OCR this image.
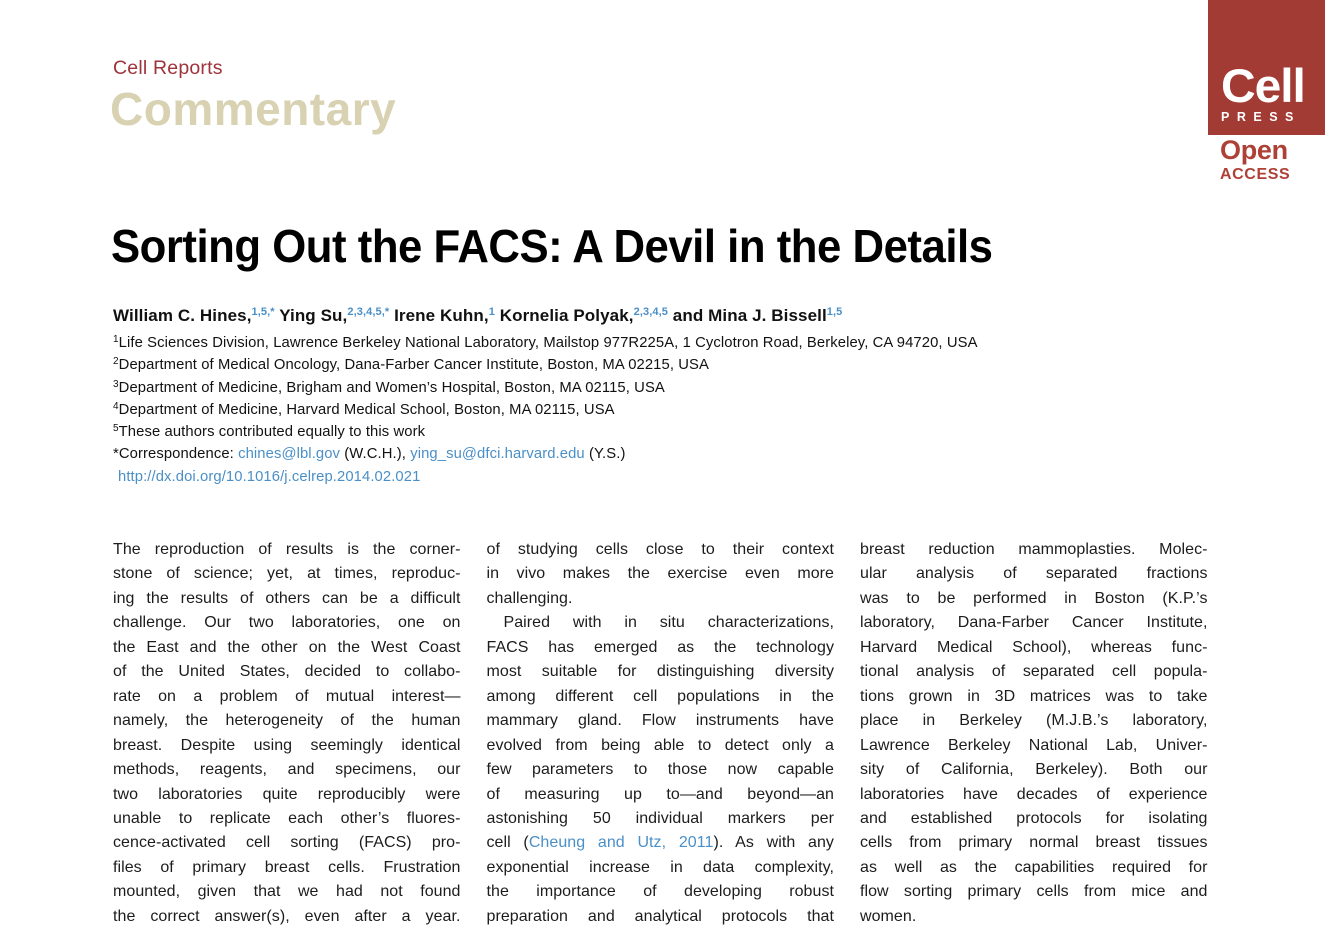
Cell Reports
Commentary	Cell
PRESS
Open
ACCESS
Sorting Out the FACS: A Devil in the Details
William C. Hines,$^{1,5,*}$ Ying Su,$^{2,3,4,5,*}$ Irene Kuhn,$^1$ Kornelia Polyak,$^{2,3,4,5}$ and Mina J. Bissell$^{1,5}$
$^1$Life Sciences Division, Lawrence Berkeley National Laboratory, Mailstop 977R225A, 1 Cyclotron Road, Berkeley, CA 94720, USA
$^2$Department of Medical Oncology, Dana-Farber Cancer Institute, Boston, MA 02215, USA
$^3$Department of Medicine, Brigham and Women’s Hospital, Boston, MA 02115, USA
$^4$Department of Medicine, Harvard Medical School, Boston, MA 02115, USA
$^5$These authors contributed equally to this work
*Correspondence: chines@lbl.gov (W.C.H.), ying_su@dfci.harvard.edu (Y.S.)
http://dx.doi.org/10.1016/j.celrep.2014.02.021
The reproduction of results is the corner-
stone of science; yet, at times, reproduc-
ing the results of others can be a difficult
challenge. Our two laboratories, one on
the East and the other on the West Coast
of the United States, decided to collabo-
rate on a problem of mutual interest—
namely, the heterogeneity of the human
breast. Despite using seemingly identical
methods, reagents, and specimens, our
two laboratories quite reproducibly were
unable to replicate each other’s fluores-
cence-activated cell sorting (FACS) pro-
files of primary breast cells. Frustration
mounted, given that we had not found
the correct answer(s), even after a year.
of studying cells close to their context
in vivo makes the exercise even more
challenging.
Paired with in situ characterizations,
FACS has emerged as the technology
most suitable for distinguishing diversity
among different cell populations in the
mammary gland. Flow instruments have
evolved from being able to detect only a
few parameters to those now capable
of measuring up to—and beyond—an
astonishing 50 individual markers per
cell (Cheung and Utz, 2011). As with any
exponential increase in data complexity,
the importance of developing robust
preparation and analytical protocols that
breast reduction mammoplasties. Molec-
ular analysis of separated fractions
was to be performed in Boston (K.P.’s
laboratory, Dana-Farber Cancer Institute,
Harvard Medical School), whereas func-
tional analysis of separated cell popula-
tions grown in 3D matrices was to take
place in Berkeley (M.J.B.’s laboratory,
Lawrence Berkeley National Lab, Univer-
sity of California, Berkeley). Both our
laboratories have decades of experience
and established protocols for isolating
cells from primary normal breast tissues
as well as the capabilities required for
flow sorting primary cells from mice and
women.
